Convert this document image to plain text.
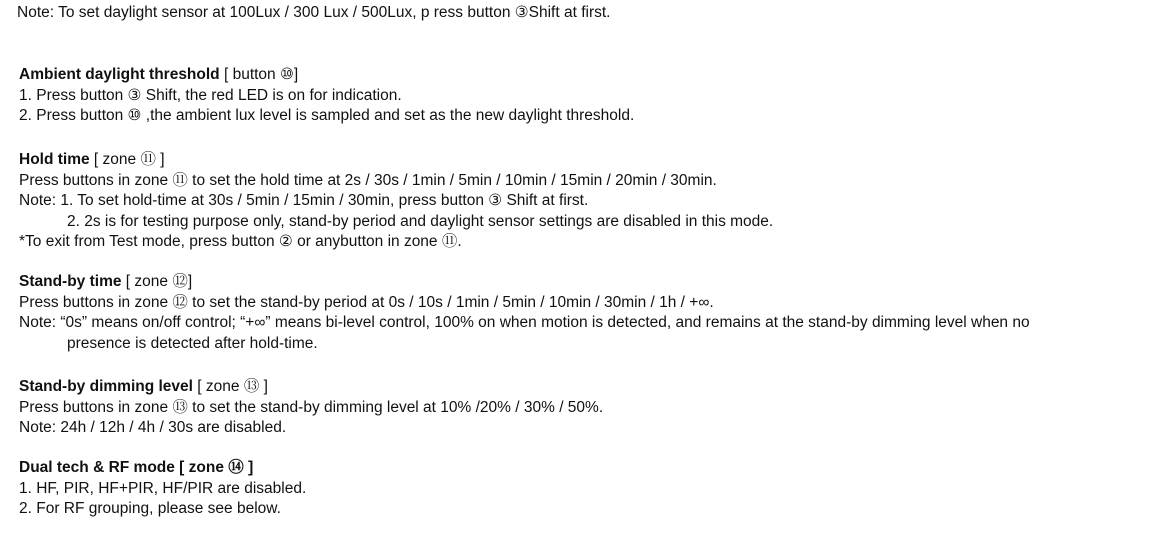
Note: To set daylight sensor at 100Lux / 300 Lux / 500Lux, p ress button ③Shift at first.
Ambient daylight threshold [ button ⑩]
1. Press button ③ Shift, the red LED is on for indication.
2. Press button ⑩ ,the ambient lux level is sampled and set as the new daylight threshold.
Hold time [ zone ⑪ ]
Press buttons in zone ⑪ to set the hold time at 2s / 30s / 1min / 5min / 10min / 15min / 20min / 30min.
Note: 1. To set hold-time at 30s / 5min / 15min / 30min, press button ③ Shift at first.
2. 2s is for testing purpose only, stand-by period and daylight sensor settings are disabled in this mode.
*To exit from Test mode, press button ② or anybutton in zone ⑪.
Stand-by time [ zone ⑫]
Press buttons in zone ⑫ to set the stand-by period at 0s / 10s / 1min / 5min / 10min / 30min / 1h / +∞.
Note: “0s” means on/off control; “+∞” means bi-level control, 100% on when motion is detected, and remains at the stand-by dimming level when no
presence is detected after hold-time.
Stand-by dimming level [ zone ⑬ ]
Press buttons in zone ⑬ to set the stand-by dimming level at 10% /20% / 30% / 50%.
Note: 24h / 12h / 4h / 30s are disabled.
Dual tech & RF mode [ zone ⑭ ]
1. HF, PIR, HF+PIR, HF/PIR are disabled.
2. For RF grouping, please see below.
